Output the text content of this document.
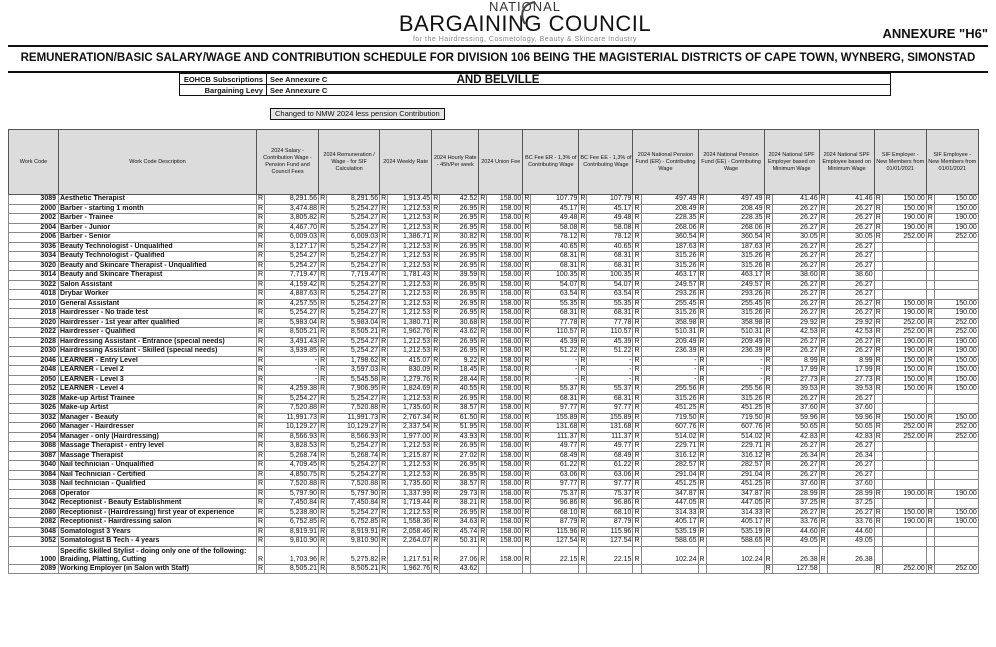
NATIONAL
BARGAINING COUNCIL
for the Hairdressing, Cosmetology, Beauty & Skincare Industry	ANNEXURE "H6"
REMUNERATION/BASIC SALARY/WAGE AND CONTRIBUTION SCHEDULE FOR DIVISION 106 BEING THE MAGISTERIAL DISTRICTS OF CAPE TOWN, WYNBERG, SIMONSTAD AND BELVILLE
EOHCB Subscriptions	See Annexure C
Bargaining Levy	See Annexure C
Changed to NMW 2024 less pension Contribution
Work Code	Work Code Description	2024 Salary - Contribution Wage - Pension Fund and Council Fees		2024 Remuneration / Wage - for SIF Calculation		2024 Weekly Rate		2024 Hourly Rate - 45h/Per week		2024 Union Fee		BC Fee ER - 1,3% of Contributing Wage		BC Fee EE - 1,3% of Contributing Wage		2024 National Pension Fund (ER) - Contributing Wage		2024 National Pension Fund (EE) - Contributing Wage		2024 National SPF Employer based on Minimum Wage		2024 National SPF Employee based on Minimum Wage		SIF Employer - New Members from 01/01/2021		SIF Employee - New Members from 01/01/2021	
3089	Aesthetic Therapist	R	8,291.56	R	8,291.56	R	1,913.45	R	42.52	R	158.00	R	107.79	R	107.79	R	497.49	R	497.49	R	41.46	R	41.46	R	150.00	R	150.00
2000	Barber - starting 1 month	R	3,474.88	R	5,254.27	R	1,212.53	R	26.95	R	158.00	R	45.17	R	45.17	R	208.49	R	208.49	R	26.27	R	26.27	R	150.00	R	150.00
2002	Barber - Trainee	R	3,805.82	R	5,254.27	R	1,212.53	R	26.95	R	158.00	R	49.48	R	49.48	R	228.35	R	228.35	R	26.27	R	26.27	R	190.00	R	190.00
2004	Barber - Junior	R	4,467.70	R	5,254.27	R	1,212.53	R	26.95	R	158.00	R	58.08	R	58.08	R	268.06	R	268.06	R	26.27	R	26.27	R	190.00	R	190.00
2006	Barber - Senior	R	6,009.03	R	6,009.03	R	1,386.71	R	30.82	R	158.00	R	78.12	R	78.12	R	360.54	R	360.54	R	30.05	R	30.05	R	252.00	R	252.00
3036	Beauty Technologist - Unqualified	R	3,127.17	R	5,254.27	R	1,212.53	R	26.95	R	158.00	R	40.65	R	40.65	R	187.63	R	187.63	R	26.27	R	26.27				
3034	Beauty Technologist - Qualified	R	5,254.27	R	5,254.27	R	1,212.53	R	26.95	R	158.00	R	68.31	R	68.31	R	315.26	R	315.26	R	26.27	R	26.27				
3020	Beauty and Skincare Therapist - Unqualified	R	5,254.27	R	5,254.27	R	1,212.53	R	26.95	R	158.00	R	68.31	R	68.31	R	315.26	R	315.26	R	26.27	R	26.27				
3014	Beauty and Skincare Therapist	R	7,719.47	R	7,719.47	R	1,781.43	R	39.59	R	158.00	R	100.35	R	100.35	R	463.17	R	463.17	R	38.60	R	38.60				
3022	Salon Assistant	R	4,159.42	R	5,254.27	R	1,212.53	R	26.95	R	158.00	R	54.07	R	54.07	R	249.57	R	249.57	R	26.27	R	26.27				
4018	Drybar Worker	R	4,887.63	R	5,254.27	R	1,212.53	R	26.95	R	158.00	R	63.54	R	63.54	R	293.26	R	293.26	R	26.27	R	26.27				
2010	General Assistant	R	4,257.55	R	5,254.27	R	1,212.53	R	26.95	R	158.00	R	55.35	R	55.35	R	255.45	R	255.45	R	26.27	R	26.27	R	150.00	R	150.00
2018	Hairdresser - No trade test	R	5,254.27	R	5,254.27	R	1,212.53	R	26.95	R	158.00	R	68.31	R	68.31	R	315.26	R	315.26	R	26.27	R	26.27	R	190.00	R	190.00
2020	Hairdresser - 1st year after qualified	R	5,983.04	R	5,983.04	R	1,380.71	R	30.68	R	158.00	R	77.78	R	77.78	R	358.98	R	358.98	R	29.92	R	29.92	R	252.00	R	252.00
2022	Hairdresser - Qualified	R	8,505.21	R	8,505.21	R	1,962.76	R	43.62	R	158.00	R	110.57	R	110.57	R	510.31	R	510.31	R	42.53	R	42.53	R	252.00	R	252.00
2028	Hairdressing Assistant - Entrance (special needs)	R	3,491.43	R	5,254.27	R	1,212.53	R	26.95	R	158.00	R	45.39	R	45.39	R	209.49	R	209.49	R	26.27	R	26.27	R	190.00	R	190.00
2030	Hairdressing Assistant - Skilled (special needs)	R	3,939.85	R	5,254.27	R	1,212.53	R	26.95	R	158.00	R	51.22	R	51.22	R	236.39	R	236.39	R	26.27	R	26.27	R	190.00	R	190.00
2046	LEARNER - Entry Level	R	-	R	1,798.62	R	415.07	R	9.22	R	158.00	R	-	R	-	R	-	R	-	R	8.99	R	8.99	R	150.00	R	150.00
2048	LEARNER - Level 2	R	-	R	3,597.03	R	830.09	R	18.45	R	158.00	R	-	R	-	R	-	R	-	R	17.99	R	17.99	R	150.00	R	150.00
2050	LEARNER - Level 3	R	-	R	5,545.58	R	1,279.76	R	28.44	R	158.00	R	-	R	-	R	-	R	-	R	27.73	R	27.73	R	150.00	R	150.00
2052	LEARNER - Level 4	R	4,259.38	R	7,906.95	R	1,824.69	R	40.55	R	158.00	R	55.37	R	55.37	R	255.56	R	255.56	R	39.53	R	39.53	R	150.00	R	150.00
3028	Make-up Artist Trainee	R	5,254.27	R	5,254.27	R	1,212.53	R	26.95	R	158.00	R	68.31	R	68.31	R	315.26	R	315.26	R	26.27	R	26.27				
3026	Make-up Artist	R	7,520.88	R	7,520.88	R	1,735.60	R	38.57	R	158.00	R	97.77	R	97.77	R	451.25	R	451.25	R	37.60	R	37.60				
3032	Manager - Beauty	R	11,991.73	R	11,991.73	R	2,767.34	R	61.50	R	158.00	R	155.89	R	155.89	R	719.50	R	719.50	R	59.96	R	59.96	R	150.00	R	150.00
2060	Manager - Hairdresser	R	10,129.27	R	10,129.27	R	2,337.54	R	51.95	R	158.00	R	131.68	R	131.68	R	607.76	R	607.76	R	50.65	R	50.65	R	252.00	R	252.00
2054	Manager - only (Hairdressing)	R	8,566.93	R	8,566.93	R	1,977.00	R	43.93	R	158.00	R	111.37	R	111.37	R	514.02	R	514.02	R	42.83	R	42.83	R	252.00	R	252.00
3088	Massage Therapist - entry level	R	3,828.53	R	5,254.27	R	1,212.53	R	26.95	R	158.00	R	49.77	R	49.77	R	229.71	R	229.71	R	26.27	R	26.27				
3087	Massage Therapist	R	5,268.74	R	5,268.74	R	1,215.87	R	27.02	R	158.00	R	68.49	R	68.49	R	316.12	R	316.12	R	26.34	R	26.34				
3040	Nail technician - Unqualified	R	4,709.45	R	5,254.27	R	1,212.53	R	26.95	R	158.00	R	61.22	R	61.22	R	282.57	R	282.57	R	26.27	R	26.27				
3084	Nail Technician - Certified	R	4,850.75	R	5,254.27	R	1,212.53	R	26.95	R	158.00	R	63.06	R	63.06	R	291.04	R	291.04	R	26.27	R	26.27				
3038	Nail technician - Qualified	R	7,520.88	R	7,520.88	R	1,735.60	R	38.57	R	158.00	R	97.77	R	97.77	R	451.25	R	451.25	R	37.60	R	37.60				
2068	Operator	R	5,797.90	R	5,797.90	R	1,337.99	R	29.73	R	158.00	R	75.37	R	75.37	R	347.87	R	347.87	R	28.99	R	28.99	R	190.00	R	190.00
3042	Receptionist - Beauty Establishment	R	7,450.84	R	7,450.84	R	1,719.44	R	38.21	R	158.00	R	96.86	R	96.86	R	447.05	R	447.05	R	37.25	R	37.25				
2080	Receptionist - (Hairdressing) first year of experience	R	5,238.80	R	5,254.27	R	1,212.53	R	26.95	R	158.00	R	68.10	R	68.10	R	314.33	R	314.33	R	26.27	R	26.27	R	150.00	R	150.00
2082	Receptionist - Hairdressing salon	R	6,752.85	R	6,752.85	R	1,558.36	R	34.63	R	158.00	R	87.79	R	87.79	R	405.17	R	405.17	R	33.76	R	33.76	R	190.00	R	190.00
3048	Somatologist 3 Years	R	8,919.91	R	8,919.91	R	2,058.46	R	45.74	R	158.00	R	115.96	R	115.96	R	535.19	R	535.19	R	44.60	R	44.60				
3052	Somatologist B Tech - 4 years	R	9,810.90	R	9,810.90	R	2,264.07	R	50.31	R	158.00	R	127.54	R	127.54	R	588.65	R	588.65	R	49.05	R	49.05				
1000	Specific Skilled Stylist - doing only one of the following: Braiding, Platting, Cutting	R	1,703.96	R	5,275.82	R	1,217.51	R	27.06	R	158.00	R	22.15	R	22.15	R	102.24	R	102.24	R	26.38	R	26.38				
2089	Working Employer (in Salon with Staff)	R	8,505.21	R	8,505.21	R	1,962.76	R	43.62											R	127.58			R	252.00	R	252.00
